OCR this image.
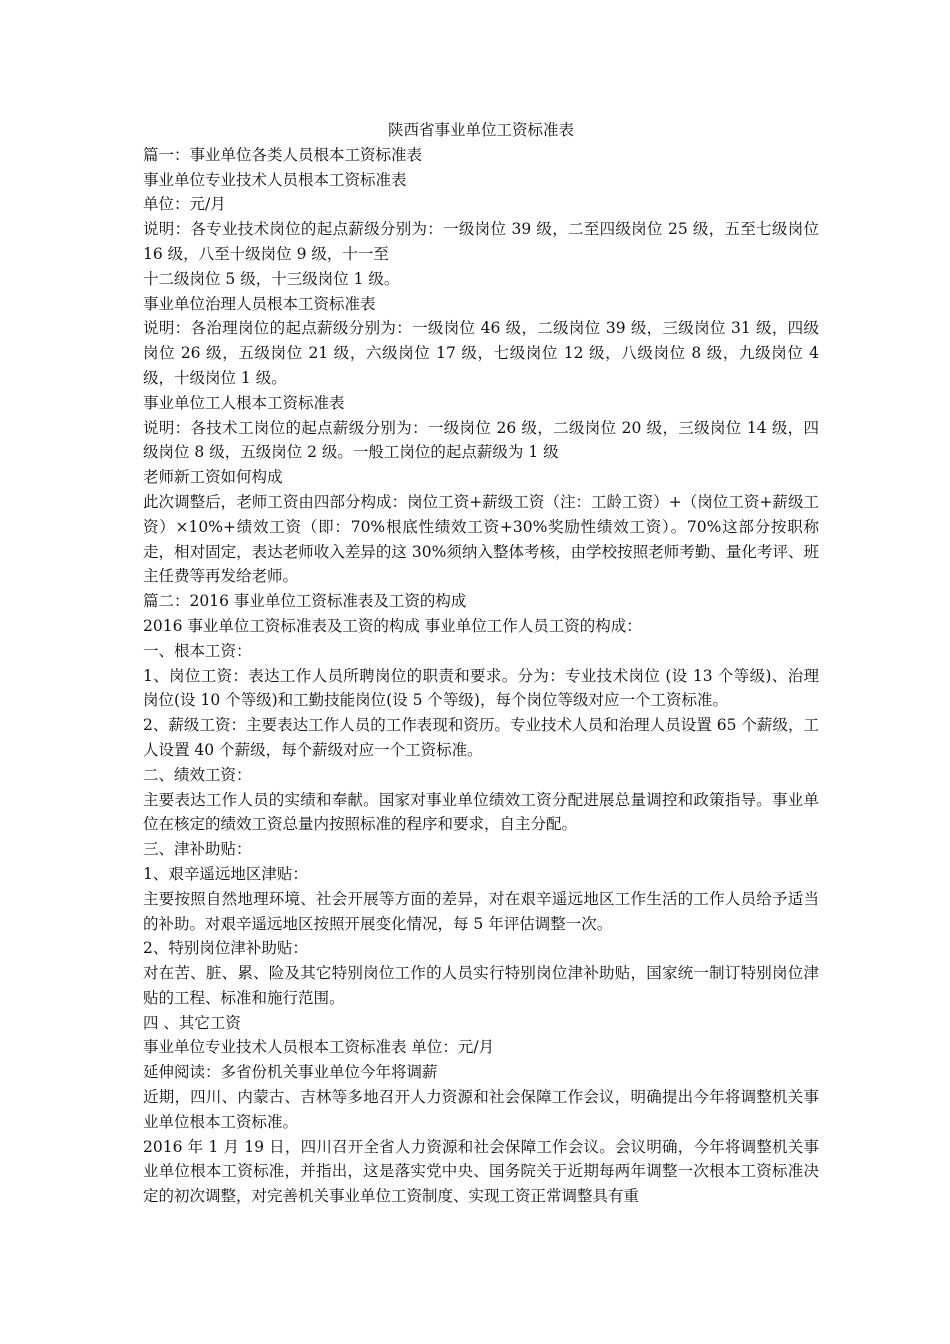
陕西省事业单位工资标准表

篇一：事业单位各类人员根本工资标准表

事业单位专业技术人员根本工资标准表

单位：元/月

说明：各专业技术岗位的起点薪级分别为：一级岗位 39 级，二至四级岗位 25 级，五至七级岗位 16 级，八至十级岗位 9 级，十一至

十二级岗位 5 级，十三级岗位 1 级。

事业单位治理人员根本工资标准表

说明：各治理岗位的起点薪级分别为：一级岗位 46 级，二级岗位 39 级，三级岗位 31 级，四级岗位 26 级，五级岗位 21 级，六级岗位 17 级，七级岗位 12 级，八级岗位 8 级，九级岗位 4 级，十级岗位 1 级。

事业单位工人根本工资标准表

说明：各技术工岗位的起点薪级分别为：一级岗位 26 级，二级岗位 20 级，三级岗位 14 级，四级岗位 8 级，五级岗位 2 级。一般工岗位的起点薪级为 1 级

老师新工资如何构成

此次调整后，老师工资由四部分构成：岗位工资+薪级工资（注：工龄工资）+（岗位工资+薪级工资）×10%+绩效工资（即：70%根底性绩效工资+30%奖励性绩效工资）。70%这部分按职称走，相对固定，表达老师收入差异的这 30%须纳入整体考核，由学校按照老师考勤、量化考评、班主任费等再发给老师。

篇二：2016 事业单位工资标准表及工资的构成

2016 事业单位工资标准表及工资的构成 事业单位工作人员工资的构成：

一、根本工资：

1、岗位工资：表达工作人员所聘岗位的职责和要求。分为：专业技术岗位 (设 13 个等级)、治理岗位(设 10 个等级)和工勤技能岗位(设 5 个等级)，每个岗位等级对应一个工资标准。

2、薪级工资：主要表达工作人员的工作表现和资历。专业技术人员和治理人员设置 65 个薪级，工人设置 40 个薪级，每个薪级对应一个工资标准。

二、绩效工资：

主要表达工作人员的实绩和奉献。国家对事业单位绩效工资分配进展总量调控和政策指导。事业单位在核定的绩效工资总量内按照标准的程序和要求，自主分配。

三、津补助贴：

1、艰辛遥远地区津贴：

主要按照自然地理环境、社会开展等方面的差异，对在艰辛遥远地区工作生活的工作人员给予适当的补助。对艰辛遥远地区按照开展变化情况，每 5 年评估调整一次。

2、特别岗位津补助贴：

对在苦、脏、累、险及其它特别岗位工作的人员实行特别岗位津补助贴，国家统一制订特别岗位津贴的工程、标准和施行范围。

四 、其它工资

事业单位专业技术人员根本工资标准表 单位：元/月

延伸阅读：多省份机关事业单位今年将调薪

近期，四川、内蒙古、吉林等多地召开人力资源和社会保障工作会议，明确提出今年将调整机关事业单位根本工资标准。

2016 年 1 月 19 日，四川召开全省人力资源和社会保障工作会议。会议明确，今年将调整机关事业单位根本工资标准，并指出，这是落实党中央、国务院关于近期每两年调整一次根本工资标准决定的初次调整，对完善机关事业单位工资制度、实现工资正常调整具有重
